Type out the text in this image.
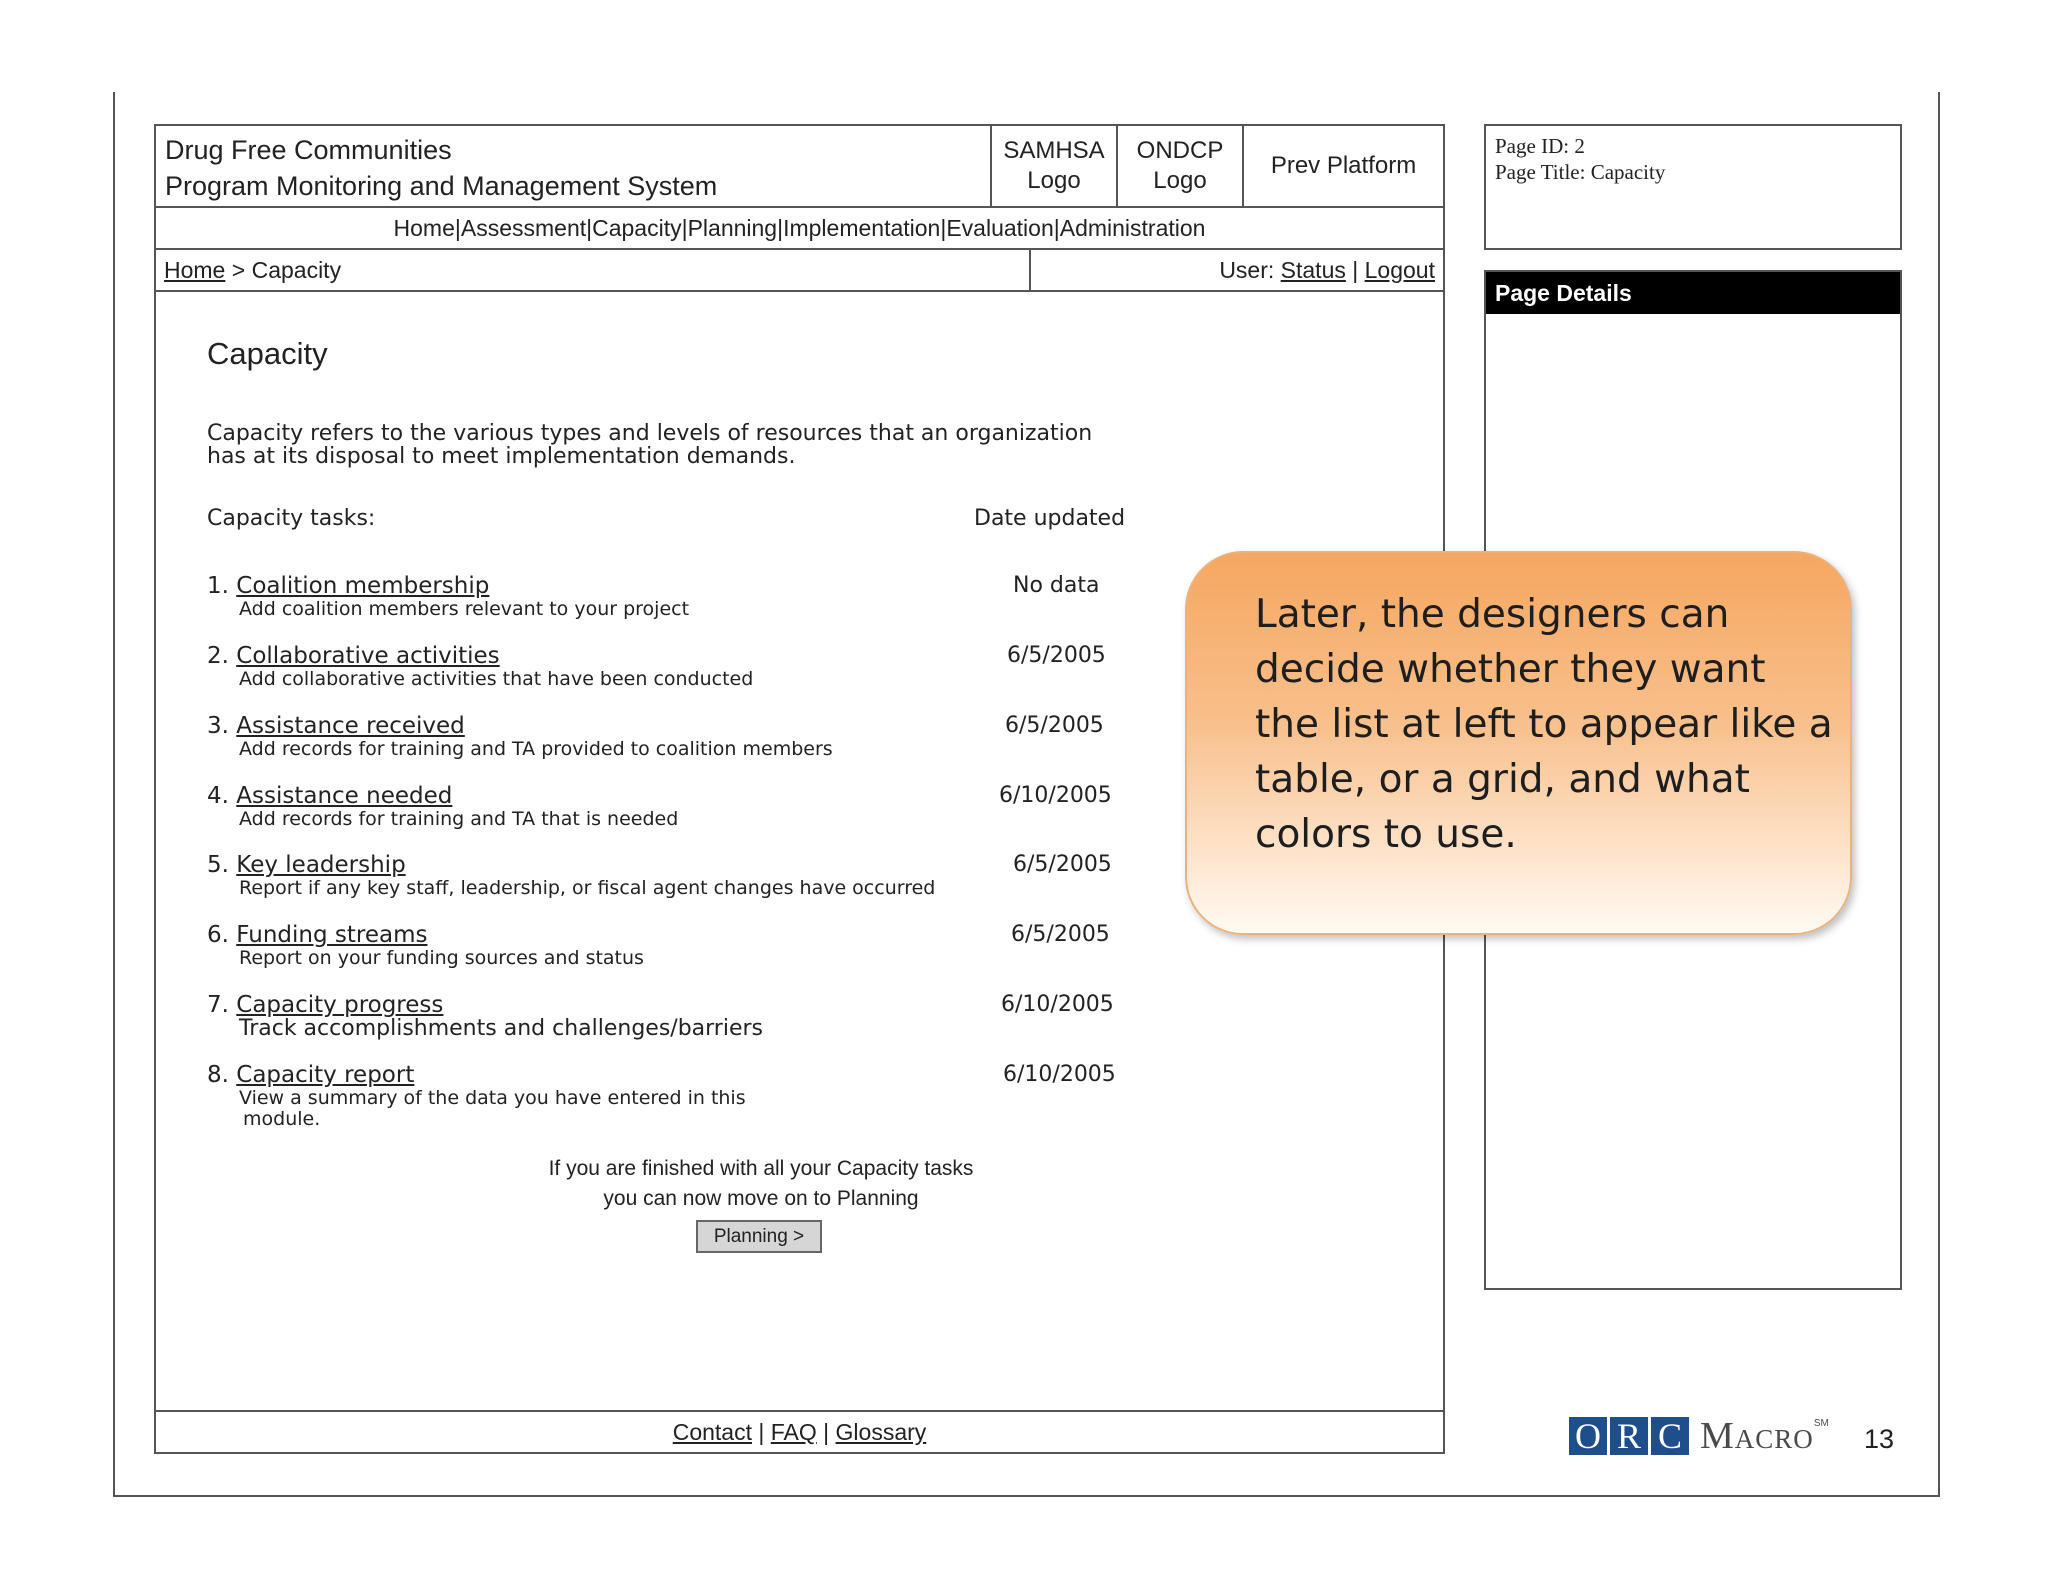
Drug Free Communities
Program Monitoring and Management System
SAMHSA
Logo
ONDCP
Logo
Prev Platform
Home | Assessment | Capacity | Planning | Implementation | Evaluation | Administration
Home > Capacity	User: Status | Logout
Capacity
Capacity refers to the various types and levels of resources that an organization
has at its disposal to meet implementation demands.
Capacity tasks:	Date updated
1. Coalition membership
Add coalition members relevant to your project
No data
2. Collaborative activities
Add collaborative activities that have been conducted
6/5/2005
3. Assistance received
Add records for training and TA provided to coalition members
6/5/2005
4. Assistance needed
Add records for training and TA that is needed
6/10/2005
5. Key leadership
Report if any key staff, leadership, or fiscal agent changes have occurred
6/5/2005
6. Funding streams
Report on your funding sources and status
6/5/2005
7. Capacity progress
Track accomplishments and challenges/barriers
6/10/2005
8. Capacity report
View a summary of the data you have entered in this
module.
6/10/2005
If you are finished with all your Capacity tasks
you can now move on to Planning
Planning >
Contact | FAQ | Glossary
Page ID: 2
Page Title: Capacity
Page Details
Later, the designers can decide whether they want the list at left to appear like a table, or a grid, and what colors to use.
O R C Macro SM
13
